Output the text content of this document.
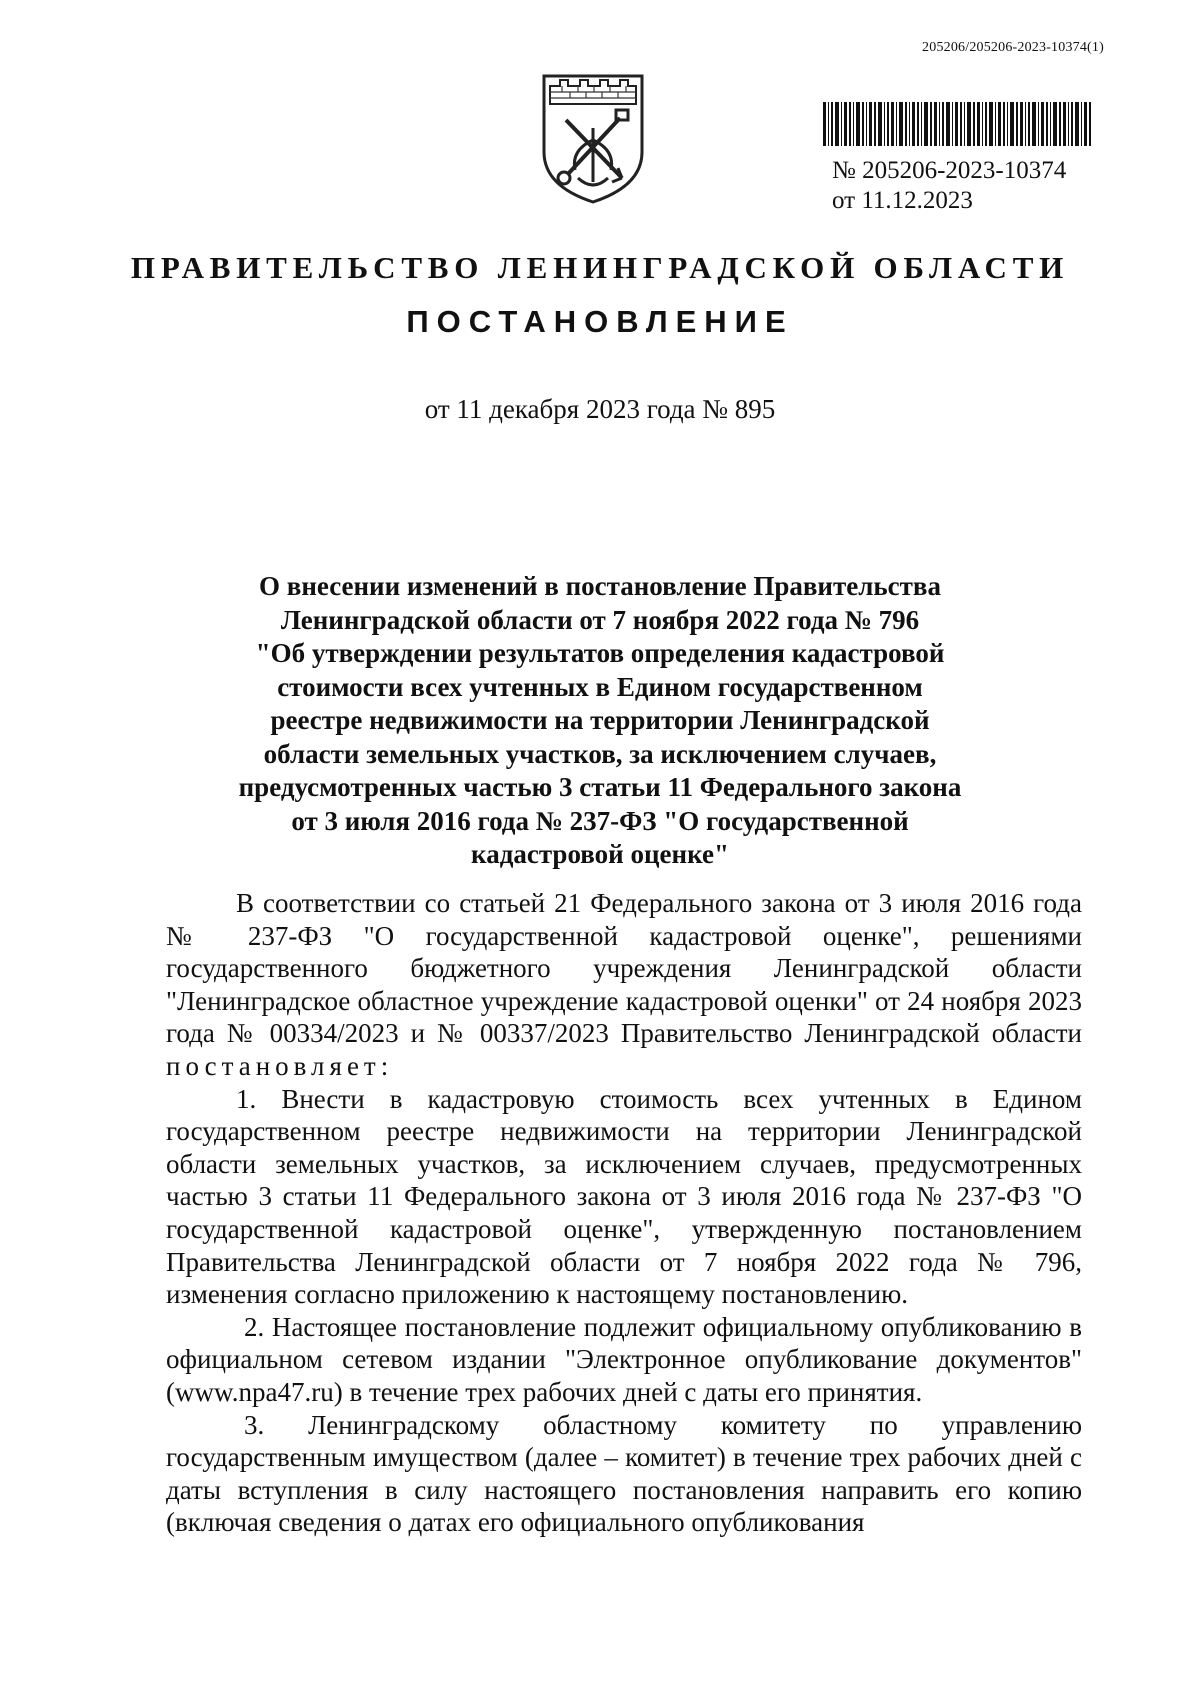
205206/205206-2023-10374(1)
№ 205206-2023-10374
от 11.12.2023
ПРАВИТЕЛЬСТВО ЛЕНИНГРАДСКОЙ ОБЛАСТИ
ПОСТАНОВЛЕНИЕ
от 11 декабря 2023 года № 895
О внесении изменений в постановление Правительства
Ленинградской области от 7 ноября 2022 года № 796
"Об утверждении результатов определения кадастровой
стоимости всех учтенных в Едином государственном
реестре недвижимости на территории Ленинградской
области земельных участков, за исключением случаев,
предусмотренных частью 3 статьи 11 Федерального закона
от 3 июля 2016 года № 237-ФЗ "О государственной
кадастровой оценке"

В соответствии со статьей 21 Федерального закона от 3 июля 2016 года № 237-ФЗ "О государственной кадастровой оценке", решениями государственного бюджетного учреждения Ленинградской области "Ленинградское областное учреждение кадастровой оценки" от 24 ноября 2023 года № 00334/2023 и № 00337/2023 Правительство Ленинградской области постановляет:

1. Внести в кадастровую стоимость всех учтенных в Едином государственном реестре недвижимости на территории Ленинградской области земельных участков, за исключением случаев, предусмотренных частью 3 статьи 11 Федерального закона от 3 июля 2016 года № 237-ФЗ "О государственной кадастровой оценке", утвержденную постановлением Правительства Ленинградской области от 7 ноября 2022 года № 796, изменения согласно приложению к настоящему постановлению.

2. Настоящее постановление подлежит официальному опубликованию в официальном сетевом издании "Электронное опубликование документов" (www.npa47.ru) в течение трех рабочих дней с даты его принятия.

3. Ленинградскому областному комитету по управлению государственным имуществом (далее – комитет) в течение трех рабочих дней с даты вступления в силу настоящего постановления направить его копию (включая сведения о датах его официального опубликования
